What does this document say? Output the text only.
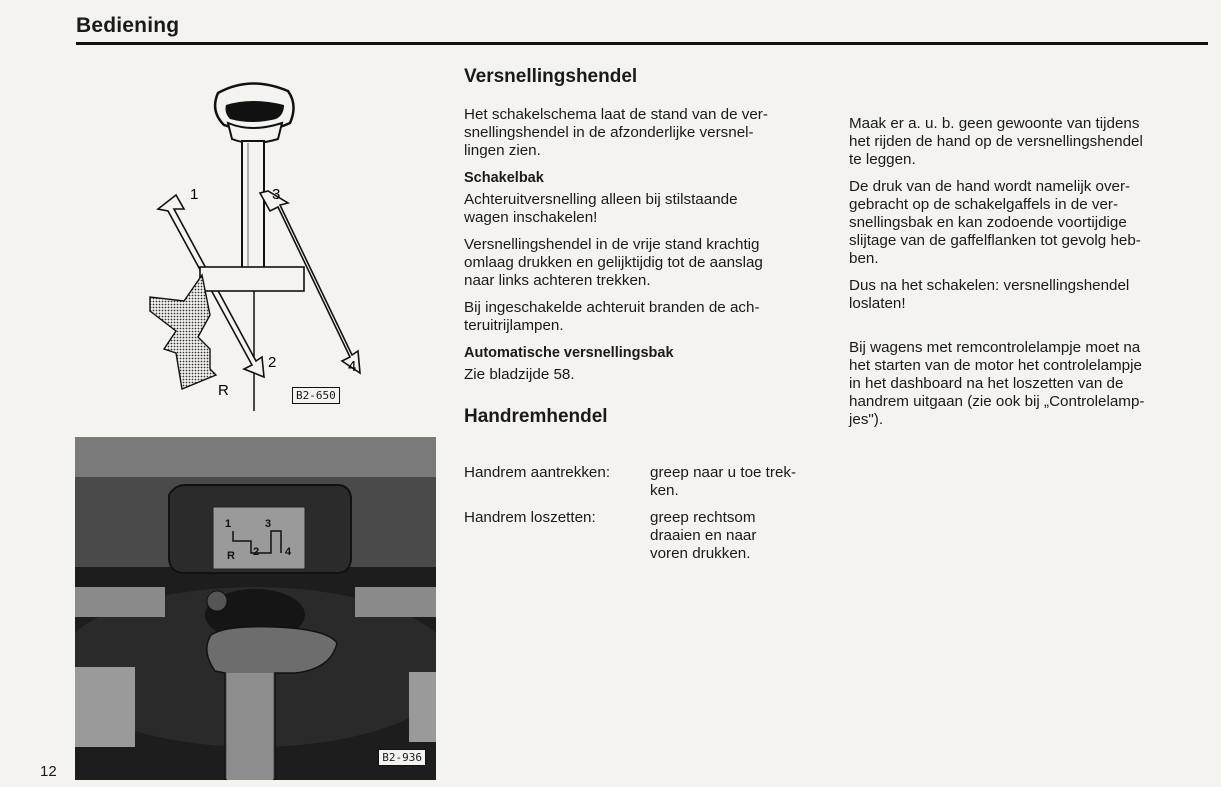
Bediening
1
2
3
4
R	B2-650
1	3
R 2 4
B2-936
12
Versnellingshendel

Het schakelschema laat de stand van de ver-
snellingshendel in de afzonderlijke versnel-
lingen zien.

Schakelbak

Achteruitversnelling alleen bij stilstaande
wagen inschakelen!

Versnellingshendel in de vrije stand krachtig
omlaag drukken en gelijktijdig tot de aanslag
naar links achteren trekken.

Bij ingeschakelde achteruit branden de ach-
teruitrijlampen.

Automatische versnellingsbak

Zie bladzijde 58.

Handremhendel
Handrem aantrekken:	greep naar u toe trek-
ken.
Handrem loszetten:	greep rechtsom
draaien en naar
voren drukken.

Maak er a. u. b. geen gewoonte van tijdens
het rijden de hand op de versnellingshendel
te leggen.

De druk van de hand wordt namelijk over-
gebracht op de schakelgaffels in de ver-
snellingsbak en kan zodoende voortijdige
slijtage van de gaffelflanken tot gevolg heb-
ben.

Dus na het schakelen: versnellingshendel
loslaten!

Bij wagens met remcontrolelampje moet na
het starten van de motor het controlelampje
in het dashboard na het loszetten van de
handrem uitgaan (zie ook bij „Controlelamp-
jes").
